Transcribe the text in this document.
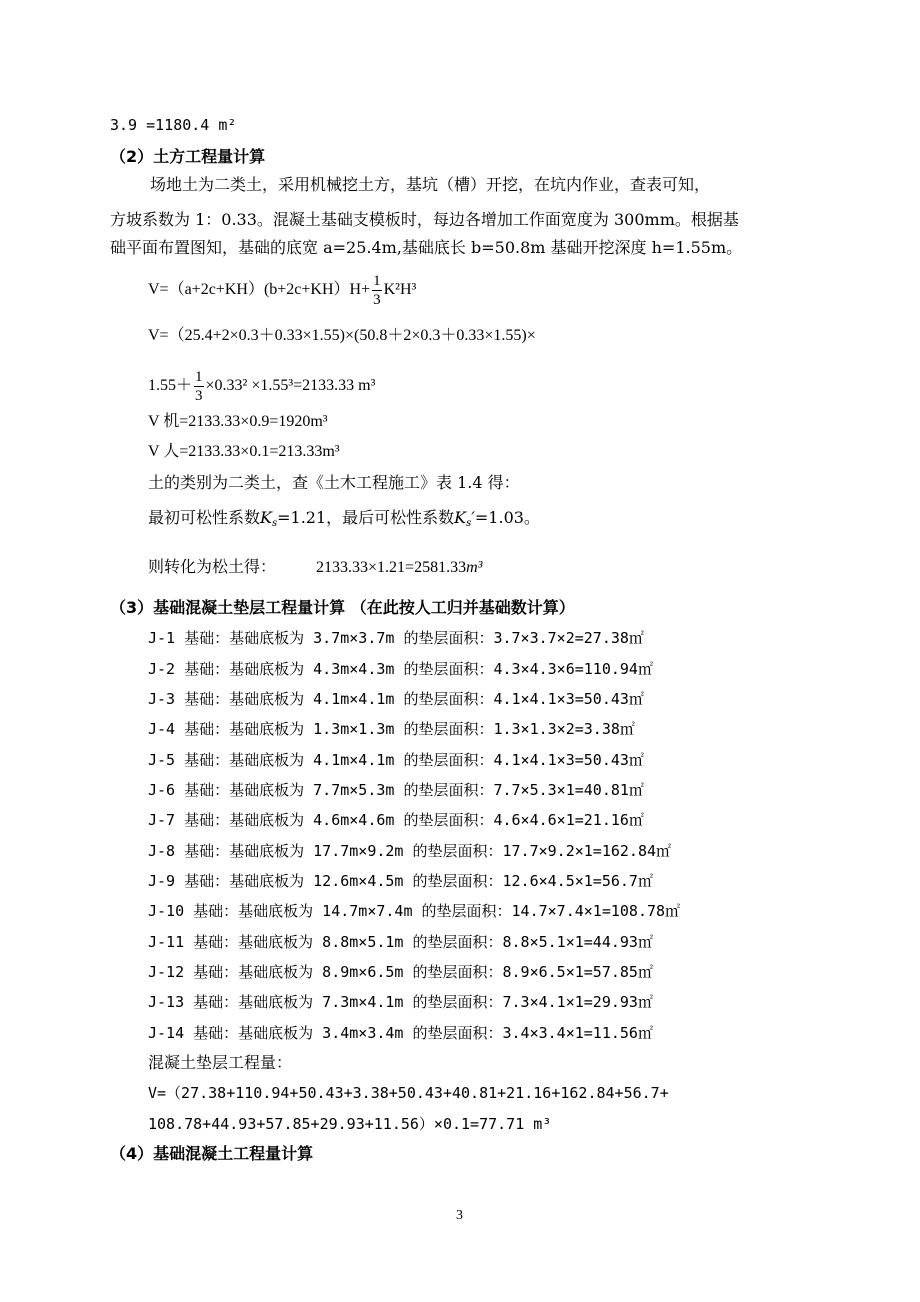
3.9 =1180.4 m²
（2）土方工程量计算
场地土为二类土，采用机械挖土方，基坑（槽）开挖，在坑内作业，查表可知，
方坡系数为 1：0.33。混凝土基础支模板时，每边各增加工作面宽度为 300mm。根据基
础平面布置图知，基础的底宽 a=25.4m,基础底长 b=50.8m 基础开挖深度 h=1.55m。
$V=(a+2c+KH)(b+2c+KH)H+ \frac{1}{3} K^2H^3$
V=（25.4+2×0.3＋0.33×1.55)×(50.8＋2×0.3＋0.33×1.55)×
$1.55+ \frac{1}{3} \times 0.33^2 \times 1.55^3=2133.33$ m³
V 机=2133.33×0.9=1920m³
V 人=2133.33×0.1=213.33m³
土的类别为二类土，查《土木工程施工》表 1.4 得：
最初可松性系数$K_s=1.21$，最后可松性系数$K_s'=1.03$。
则转化为松土得：	2133.33×1.21=2581.33m³
（3）基础混凝土垫层工程量计算 （在此按人工归并基础数计算）
J-1 基础：基础底板为 3.7m×3.7m 的垫层面积：3.7×3.7×2=27.38㎡
J-2 基础：基础底板为 4.3m×4.3m 的垫层面积：4.3×4.3×6=110.94㎡
J-3 基础：基础底板为 4.1m×4.1m 的垫层面积：4.1×4.1×3=50.43㎡
J-4 基础：基础底板为 1.3m×1.3m 的垫层面积：1.3×1.3×2=3.38㎡
J-5 基础：基础底板为 4.1m×4.1m 的垫层面积：4.1×4.1×3=50.43㎡
J-6 基础：基础底板为 7.7m×5.3m 的垫层面积：7.7×5.3×1=40.81㎡
J-7 基础：基础底板为 4.6m×4.6m 的垫层面积：4.6×4.6×1=21.16㎡
J-8 基础：基础底板为 17.7m×9.2m 的垫层面积：17.7×9.2×1=162.84㎡
J-9 基础：基础底板为 12.6m×4.5m 的垫层面积：12.6×4.5×1=56.7㎡
J-10 基础：基础底板为 14.7m×7.4m 的垫层面积：14.7×7.4×1=108.78㎡
J-11 基础：基础底板为 8.8m×5.1m 的垫层面积：8.8×5.1×1=44.93㎡
J-12 基础：基础底板为 8.9m×6.5m 的垫层面积：8.9×6.5×1=57.85㎡
J-13 基础：基础底板为 7.3m×4.1m 的垫层面积：7.3×4.1×1=29.93㎡
J-14 基础：基础底板为 3.4m×3.4m 的垫层面积：3.4×3.4×1=11.56㎡
混凝土垫层工程量：
V=（27.38+110.94+50.43+3.38+50.43+40.81+21.16+162.84+56.7+
108.78+44.93+57.85+29.93+11.56）×0.1=77.71 m³
（4）基础混凝土工程量计算
3
